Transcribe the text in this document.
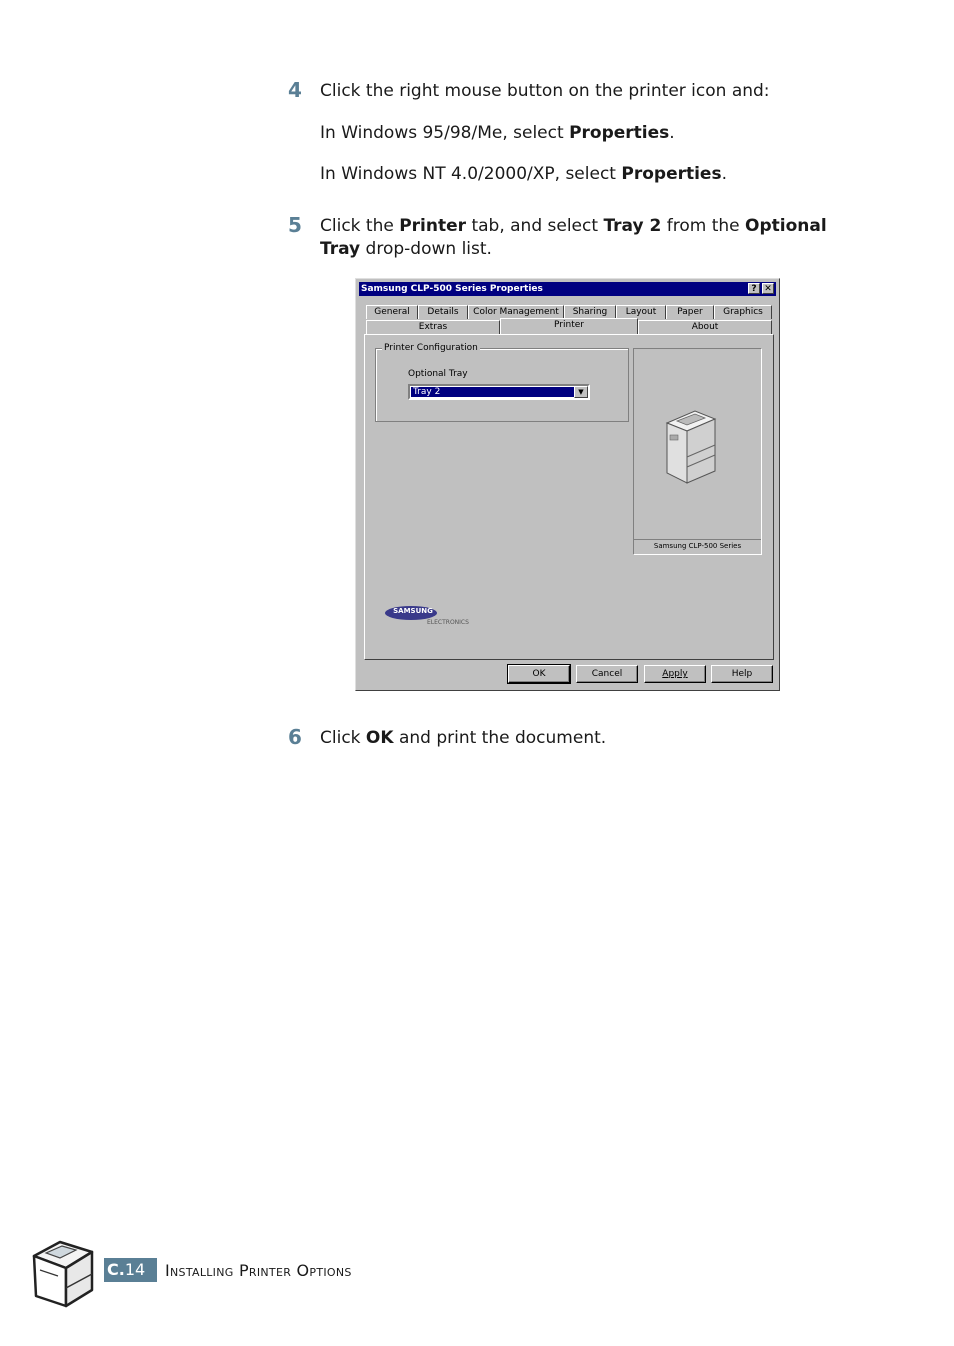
4 Click the right mouse button on the printer icon and:
In Windows 95/98/Me, select Properties.
In Windows NT 4.0/2000/XP, select Properties.
5 Click the Printer tab, and select Tray 2 from the Optional
Tray drop-down list.
Samsung CLP-500 Series Properties	? ✕
General	Details	Color Management	Sharing	Layout	Paper	Graphics
Extras	Printer	About
Printer Configuration
Optional Tray
Tray 2	▼
Samsung CLP-500 Series
SAMSUNG
ELECTRONICS
OK	Cancel	Apply	Help
6 Click OK and print the document.
C.14	Installing Printer Options
